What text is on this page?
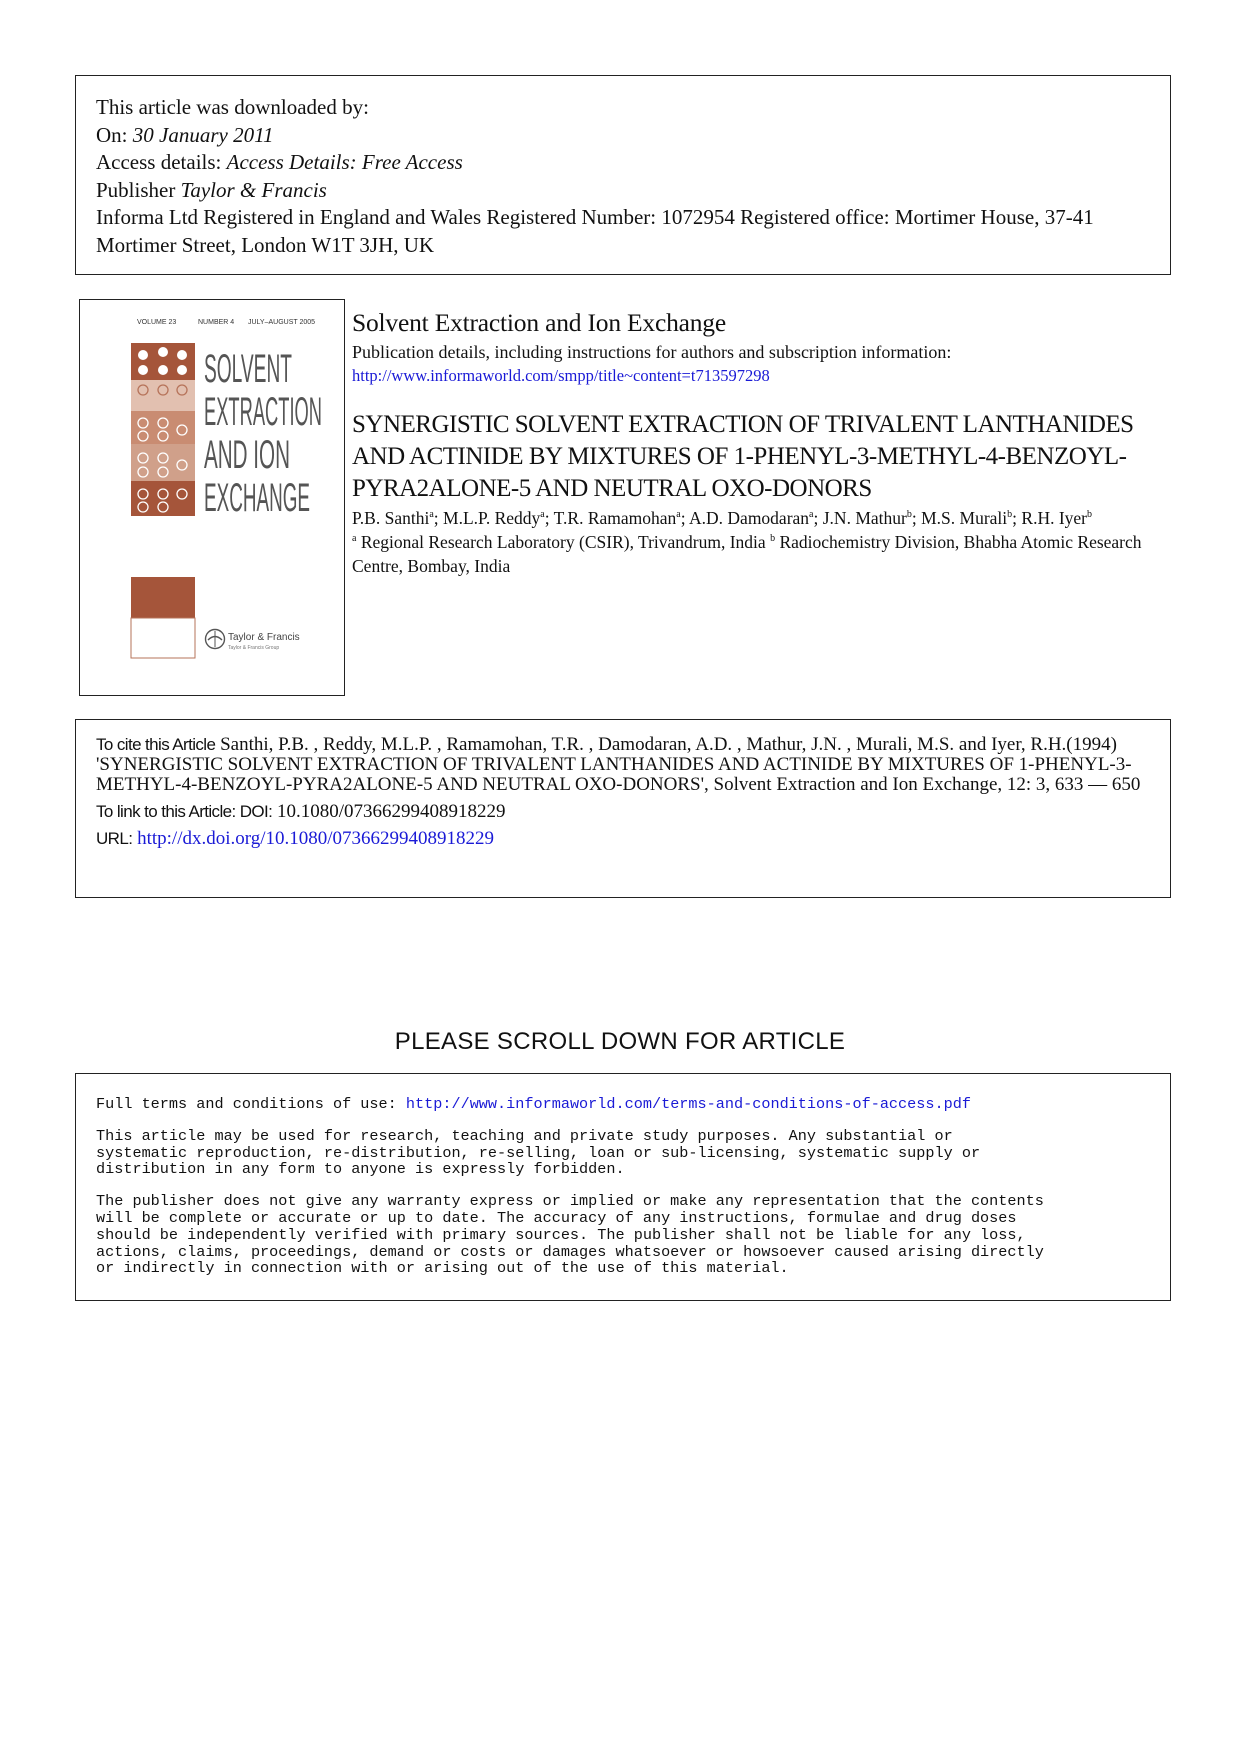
This article was downloaded by:
On: 30 January 2011
Access details: Access Details: Free Access
Publisher Taylor & Francis
Informa Ltd Registered in England and Wales Registered Number: 1072954 Registered office: Mortimer House, 37-41 Mortimer Street, London W1T 3JH, UK
VOLUME 23	NUMBER 4 JULY–AUGUST 2005
SOLVENT
EXTRACTION
AND ION
EXCHANGE
Taylor & Francis
Taylor & Francis Group
Solvent Extraction and Ion Exchange
Publication details, including instructions for authors and subscription information:
http://www.informaworld.com/smpp/title~content=t713597298
SYNERGISTIC SOLVENT EXTRACTION OF TRIVALENT LANTHANIDES AND ACTINIDE BY MIXTURES OF 1-PHENYL-3-METHYL-4-BENZOYL-PYRA2ALONE-5 AND NEUTRAL OXO-DONORS
P.B. Santhi$^a$; M.L.P. Reddy$^a$; T.R. Ramamohan$^a$; A.D. Damodaran$^a$; J.N. Mathur$^b$; M.S. Murali$^b$; R.H. Iyer$^b$
$^a$ Regional Research Laboratory (CSIR), Trivandrum, India $^b$ Radiochemistry Division, Bhabha Atomic Research Centre, Bombay, India
To cite this Article Santhi, P.B. , Reddy, M.L.P. , Ramamohan, T.R. , Damodaran, A.D. , Mathur, J.N. , Murali, M.S. and Iyer, R.H.(1994) 'SYNERGISTIC SOLVENT EXTRACTION OF TRIVALENT LANTHANIDES AND ACTINIDE BY MIXTURES OF 1-PHENYL-3-METHYL-4-BENZOYL-PYRA2ALONE-5 AND NEUTRAL OXO-DONORS', Solvent Extraction and Ion Exchange, 12: 3, 633 — 650
To link to this Article: DOI: 10.1080/07366299408918229
URL: http://dx.doi.org/10.1080/07366299408918229
PLEASE SCROLL DOWN FOR ARTICLE

Full terms and conditions of use: http://www.informaworld.com/terms-and-conditions-of-access.pdf

This article may be used for research, teaching and private study purposes. Any substantial or
systematic reproduction, re-distribution, re-selling, loan or sub-licensing, systematic supply or
distribution in any form to anyone is expressly forbidden.

The publisher does not give any warranty express or implied or make any representation that the contents
will be complete or accurate or up to date. The accuracy of any instructions, formulae and drug doses
should be independently verified with primary sources. The publisher shall not be liable for any loss,
actions, claims, proceedings, demand or costs or damages whatsoever or howsoever caused arising directly
or indirectly in connection with or arising out of the use of this material.
